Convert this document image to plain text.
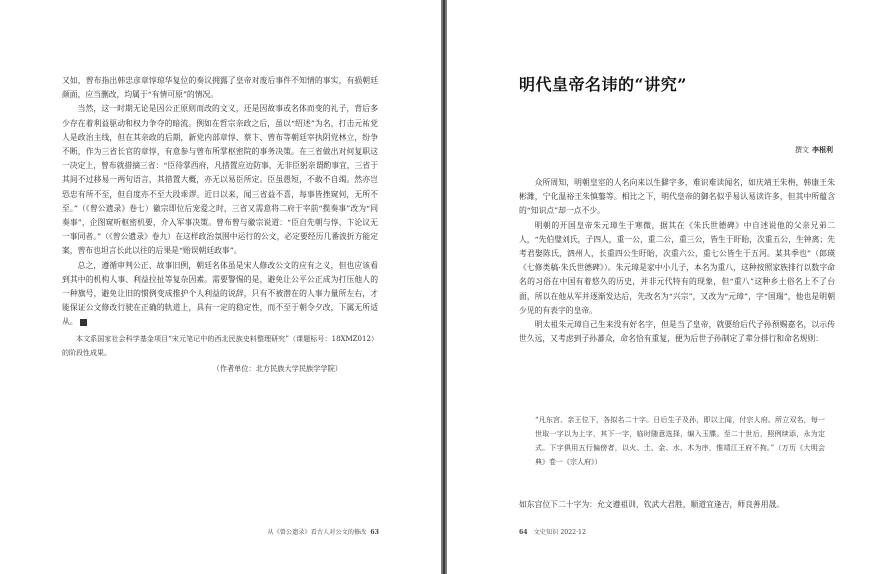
又如，曾布指出韩忠彦章惇琼华复位的奏议拥露了皇帝对废后事件不知情的事实，有损朝廷颜面，应当删改，均属于“有情可原”的情况。

当然，这一时期无论是因公正原则而改的文义，还是因故事或名体而变的礼子，背后多少存在着利益驱动和权力争夺的暗流。例如在哲宗亲政之后，虽以“绍述”为名，打击元祐党人是政治主线，但在其亲政的后期，新党内部章惇、蔡卞、曾布等朝廷宰执阴党林立，纷争不断，作为三省长官的章惇，有意参与曾布所掌枢密院的事务决策。在三省做出对何复职这一决定上，曾布就措摘三省：“臣待掌西府，凡措置应边防事，无非臣躬亲谓酌事宜，三省于其间不过移易一两句语言，其措置大概，亦无以易臣所定。臣虽愚短，不敢不自竭。然亦岂恐忠有所不至，但自度亦不至大段乖谬。近日以来，闻三省益不喜，每事皆挫窥何，无所不至。”（《曾公遗录》卷七）徽宗即位后宠爱之时，三省又需意将二府于宰前“揽奏事”改为“同奏事”，企图窥听枢密机要，介入军事决策。曾布曾与徽宗说道：“臣自先朝与惇、卞论议无一事同者。”（《曾公遗录》卷九）在这样政治氛围中运行的公文，必定要经历几番波折方能定案，曾布也坦言长此以往的后果是“贻误朝廷政事”。

总之，遵循审判公正、故事旧例，朝廷名体虽是宋人修改公文的应有之义，但也应该看到其中的机构人事、利益拉扯等复杂因素。需要警惕的是，避免让公平公正成为打压他人的一种旗号，避免让旧的惯例变成推护个人利益的说辞，只有不被潜在的人事力量所左右，才能保证公文修改行驶在正确的轨道上，具有一定的稳定性，而不至于朝令夕改，下属无所适从。

本文系国家社会科学基金项目“宋元笔记中的西北民族史料整理研究”（课题标号：18XMZ012）的阶段性成果。

（作者单位：北方民族大学民族学学院）

从《曾公遗录》看古人对公文的修改 63
明代皇帝名讳的“讲究”
撰文 李根利

众所周知，明朝皇室的人名向来以生僻字多，难识难读闻名，如庆靖王朱栴，韩康王朱彬潍，宁化温裕王朱慎鏊等。相比之下，明代皇帝的御名似乎易认易读许多，但其中所蕴含的“知识点”却一点不少。

明朝的开国皇帝朱元璋生于寒微，据其在《朱氏世德碑》中自述说他的父亲兄弟二人，“先伯璧刘氏，子四人，重一公，重二公，重三公，皆生于盱眙，次重五公，生钟离；先考君娶陈氏，泗州人，长重四公生盱眙，次重六公，重七公皆生于五河。某其季也”（郎瑛《七修类稿·朱氏世德碑》）。朱元璋是家中小儿子，本名为重八，这种按照家族排行以数字命名的习俗在中国有着悠久的历史，并非元代特有的现象，但“重八”这种乡土俗名上不了台面，所以在他从军并逐渐发达后，先改名为“兴宗”，又改为“元璋”，字“国瑞”，他也是明朝少见的有表字的皇帝。

明太祖朱元璋自己生来没有好名字，但是当了皇帝，就要给后代子孙预赐嘉名，以示传世久远，又考虑到子孙蕃众，命名恰有重复，便为后世子孙制定了辈分排行和命名规则：

“凡东宫、亲王位下，各拟名二十字。日后生子及孙，即以上闻，付宗人府。所立双名，每一世取一字以为上字，其下一字，临时随意选择，编入玉牒。至二十世后，照例续添，永为定式。下字俱用五行偏傍者，以火、土、金、水、木为序，惟靖江王府不拘。”（万历《大明会典》卷一《宗人府》）

如东宫位下二十字为：允文遵祖训，钦武大君胜，顺道宜逢吉，师良善用晟。

64 文史知识 2022·12
